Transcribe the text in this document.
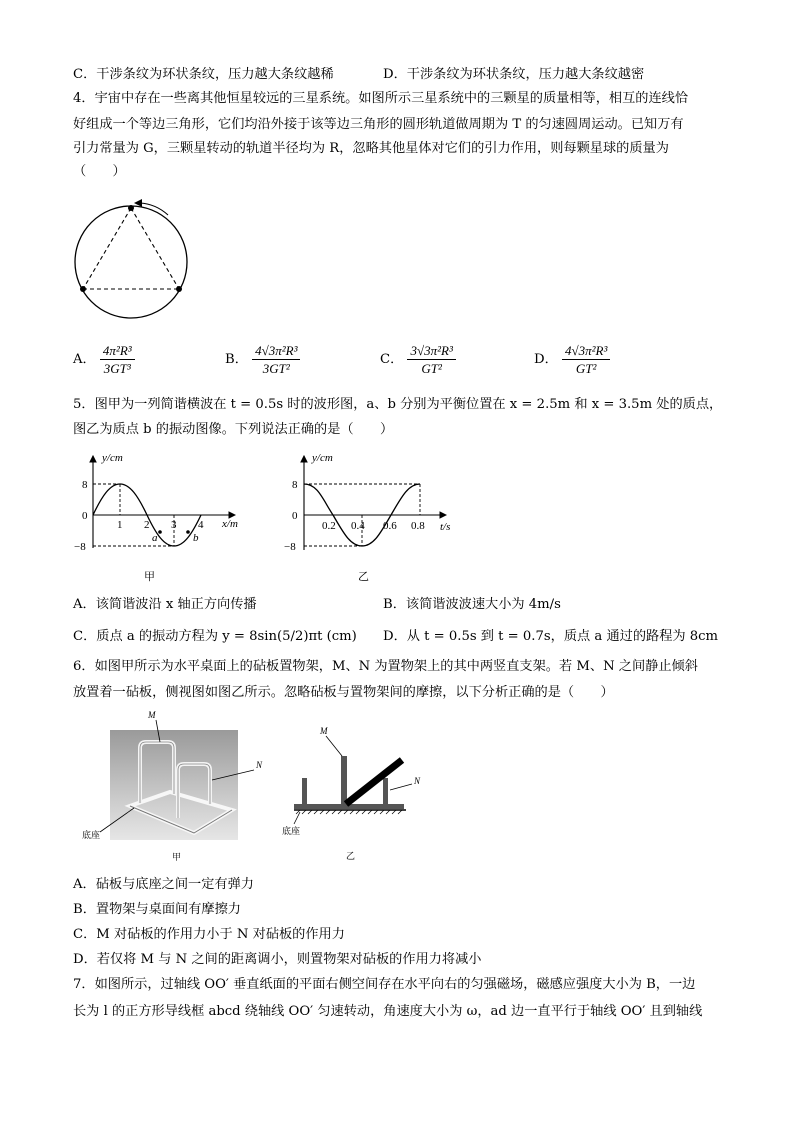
C．干涉条纹为环状条纹，压力越大条纹越稀	D．干涉条纹为环状条纹，压力越大条纹越密
4．宇宙中存在一些离其他恒星较远的三星系统。如图所示三星系统中的三颗星的质量相等，相互的连线恰
好组成一个等边三角形，它们均沿外接于该等边三角形的圆形轨道做周期为 T 的匀速圆周运动。已知万有
引力常量为 G，三颗星转动的轨道半径均为 R，忽略其他星体对它们的引力作用，则每颗星球的质量为
（　　）
A． $\frac{\text{4π²R³}}{\text{3GT³}}$	B． $\frac{\text{4√3π²R³}}{\text{3GT²}}$	C． $\frac{\text{3√3π²R³}}{\text{GT²}}$	D． $\frac{\text{4√3π²R³}}{\text{GT²}}$
5．图甲为一列简谐横波在 t = 0.5s 时的波形图，a、b 分别为平衡位置在 x = 2.5m 和 x = 3.5m 处的质点，
图乙为质点 b 的振动图像。下列说法正确的是（　　）
y/cm
x/m
8
0
−8
1 2 3 4
a	b
甲
y/cm
t/s
8
0
−8
0.2 0.4 0.6 0.8
乙
A．该简谐波沿 x 轴正方向传播	B．该简谐波波速大小为 4m/s
C．质点 a 的振动方程为 y = 8sin(5/2)πt (cm) D．从 t = 0.5s 到 t = 0.7s，质点 a 通过的路程为 8cm
6．如图甲所示为水平桌面上的砧板置物架，M、N 为置物架上的其中两竖直支架。若 M、N 之间静止倾斜
放置着一砧板，侧视图如图乙所示。忽略砧板与置物架间的摩擦，以下分析正确的是（　　）
M
N
底座
甲
M
N
底座
乙
A．砧板与底座之间一定有弹力
B．置物架与桌面间有摩擦力
C．M 对砧板的作用力小于 N 对砧板的作用力
D．若仅将 M 与 N 之间的距离调小，则置物架对砧板的作用力将减小
7．如图所示，过轴线 OO′ 垂直纸面的平面右侧空间存在水平向右的匀强磁场，磁感应强度大小为 B，一边
长为 l 的正方形导线框 abcd 绕轴线 OO′ 匀速转动，角速度大小为 ω，ad 边一直平行于轴线 OO′ 且到轴线
